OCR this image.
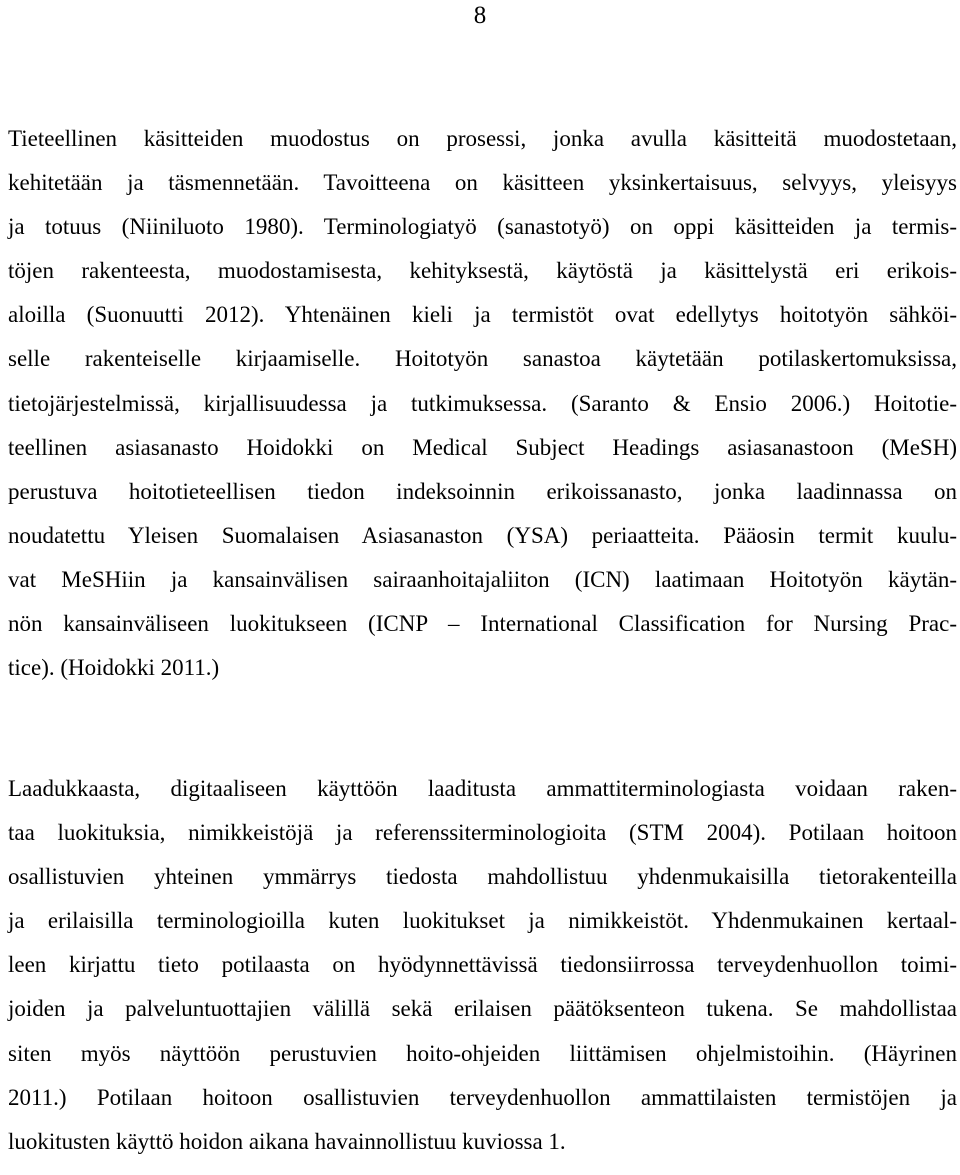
8
Tieteellinen käsitteiden muodostus on prosessi, jonka avulla käsitteitä muodostetaan,
kehitetään ja täsmennetään. Tavoitteena on käsitteen yksinkertaisuus, selvyys, yleisyys
ja totuus (Niiniluoto 1980). Terminologiatyö (sanastotyö) on oppi käsitteiden ja termis-
töjen rakenteesta, muodostamisesta, kehityksestä, käytöstä ja käsittelystä eri erikois-
aloilla (Suonuutti 2012). Yhtenäinen kieli ja termistöt ovat edellytys hoitotyön sähköi-
selle rakenteiselle kirjaamiselle. Hoitotyön sanastoa käytetään potilaskertomuksissa,
tietojärjestelmissä, kirjallisuudessa ja tutkimuksessa. (Saranto & Ensio 2006.) Hoitotie-
teellinen asiasanasto Hoidokki on Medical Subject Headings asiasanastoon (MeSH)
perustuva hoitotieteellisen tiedon indeksoinnin erikoissanasto, jonka laadinnassa on
noudatettu Yleisen Suomalaisen Asiasanaston (YSA) periaatteita. Pääosin termit kuulu-
vat MeSHiin ja kansainvälisen sairaanhoitajaliiton (ICN) laatimaan Hoitotyön käytän-
nön kansainväliseen luokitukseen (ICNP – International Classification for Nursing Prac-
tice). (Hoidokki 2011.)
Laadukkaasta, digitaaliseen käyttöön laaditusta ammattiterminologiasta voidaan raken-
taa luokituksia, nimikkeistöjä ja referenssiterminologioita (STM 2004). Potilaan hoitoon
osallistuvien yhteinen ymmärrys tiedosta mahdollistuu yhdenmukaisilla tietorakenteilla
ja erilaisilla terminologioilla kuten luokitukset ja nimikkeistöt. Yhdenmukainen kertaal-
leen kirjattu tieto potilaasta on hyödynnettävissä tiedonsiirrossa terveydenhuollon toimi-
joiden ja palveluntuottajien välillä sekä erilaisen päätöksenteon tukena. Se mahdollistaa
siten myös näyttöön perustuvien hoito-ohjeiden liittämisen ohjelmistoihin. (Häyrinen
2011.) Potilaan hoitoon osallistuvien terveydenhuollon ammattilaisten termistöjen ja
luokitusten käyttö hoidon aikana havainnollistuu kuviossa 1.
